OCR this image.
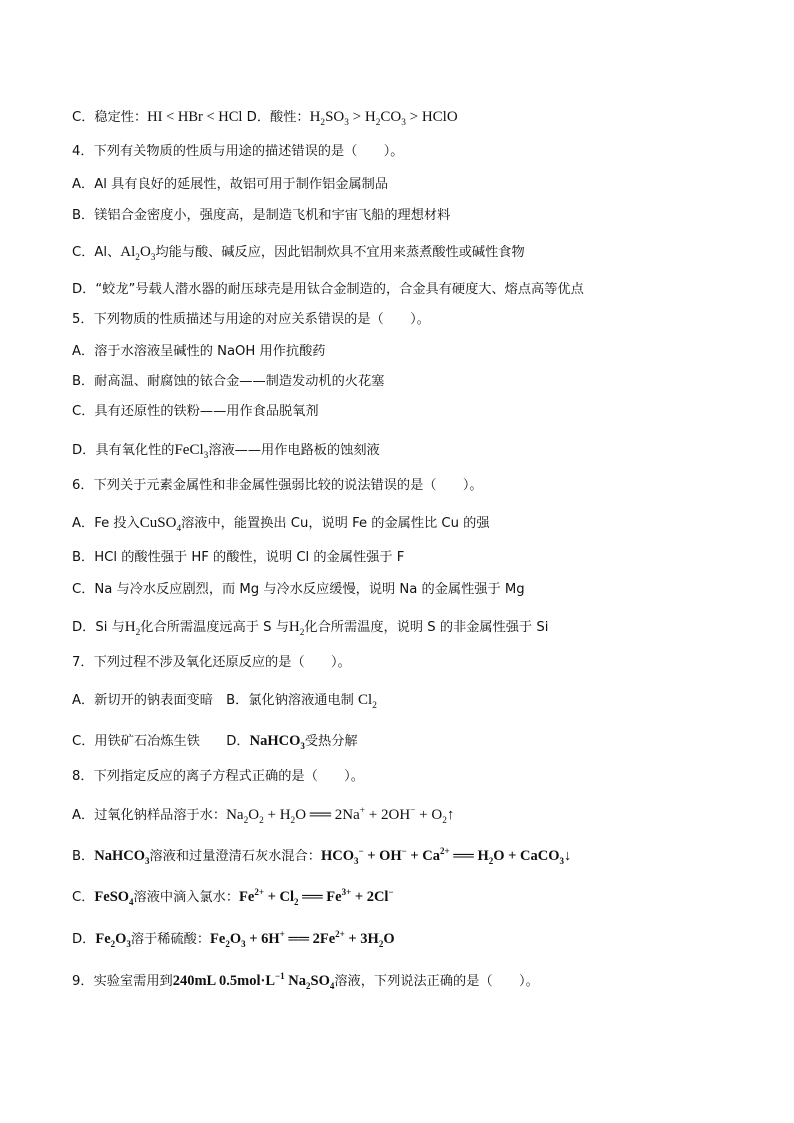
C．稳定性：HI < HBr < HCl D．酸性：$H_2SO_3 > H_2CO_3$ > HClO
4．下列有关物质的性质与用途的描述错误的是（　　）。
A．Al 具有良好的延展性，故铝可用于制作铝金属制品
B．镁铝合金密度小，强度高，是制造飞机和宇宙飞船的理想材料
C．Al、$Al_2O_3$均能与酸、碱反应，因此铝制炊具不宜用来蒸煮酸性或碱性食物
D．“蛟龙”号载人潜水器的耐压球壳是用钛合金制造的，合金具有硬度大、熔点高等优点
5．下列物质的性质描述与用途的对应关系错误的是（　　）。
A．溶于水溶液呈碱性的 NaOH 用作抗酸药
B．耐高温、耐腐蚀的铱合金——制造发动机的火花塞
C．具有还原性的铁粉——用作食品脱氧剂
D．具有氧化性的FeCl$_3$溶液——用作电路板的蚀刻液
6．下列关于元素金属性和非金属性强弱比较的说法错误的是（　　）。
A．Fe 投入CuSO$_4$溶液中，能置换出 Cu，说明 Fe 的金属性比 Cu 的强
B．HCl 的酸性强于 HF 的酸性，说明 Cl 的金属性强于 F
C．Na 与冷水反应剧烈，而 Mg 与冷水反应缓慢，说明 Na 的金属性强于 Mg
D．Si 与$H_2$化合所需温度远高于 S 与$H_2$化合所需温度，说明 S 的非金属性强于 Si
7．下列过程不涉及氧化还原反应的是（　　）。
A．新切开的钠表面变暗　B．氯化钠溶液通电制 $Cl_2$
C．用铁矿石冶炼生铁　　D．NaHCO$_3$受热分解
8．下列指定反应的离子方程式正确的是（　　）。
A．过氧化钠样品溶于水：$Na_2O_2 + H_2O$ ══ $2Na^+ + 2OH^- + O_2↑$
B．NaHCO$_3$溶液和过量澄清石灰水混合：$HCO_3^- + OH^- + Ca^{2+}$ ══ $H_2O$ + CaCO$_3$↓
C．FeSO$_4$溶液中滴入氯水：$Fe^{2+} + Cl_2$ ══ $Fe^{3+} + 2Cl^-$
D．$Fe_2O_3$溶于稀硫酸：$Fe_2O_3 + 6H^+$ ══ $2Fe^{2+} + 3H_2O$
9．实验室需用到240mL $0.5mol\cdot L^{-1}$ $Na_2SO_4$溶液，下列说法正确的是（　　）。
